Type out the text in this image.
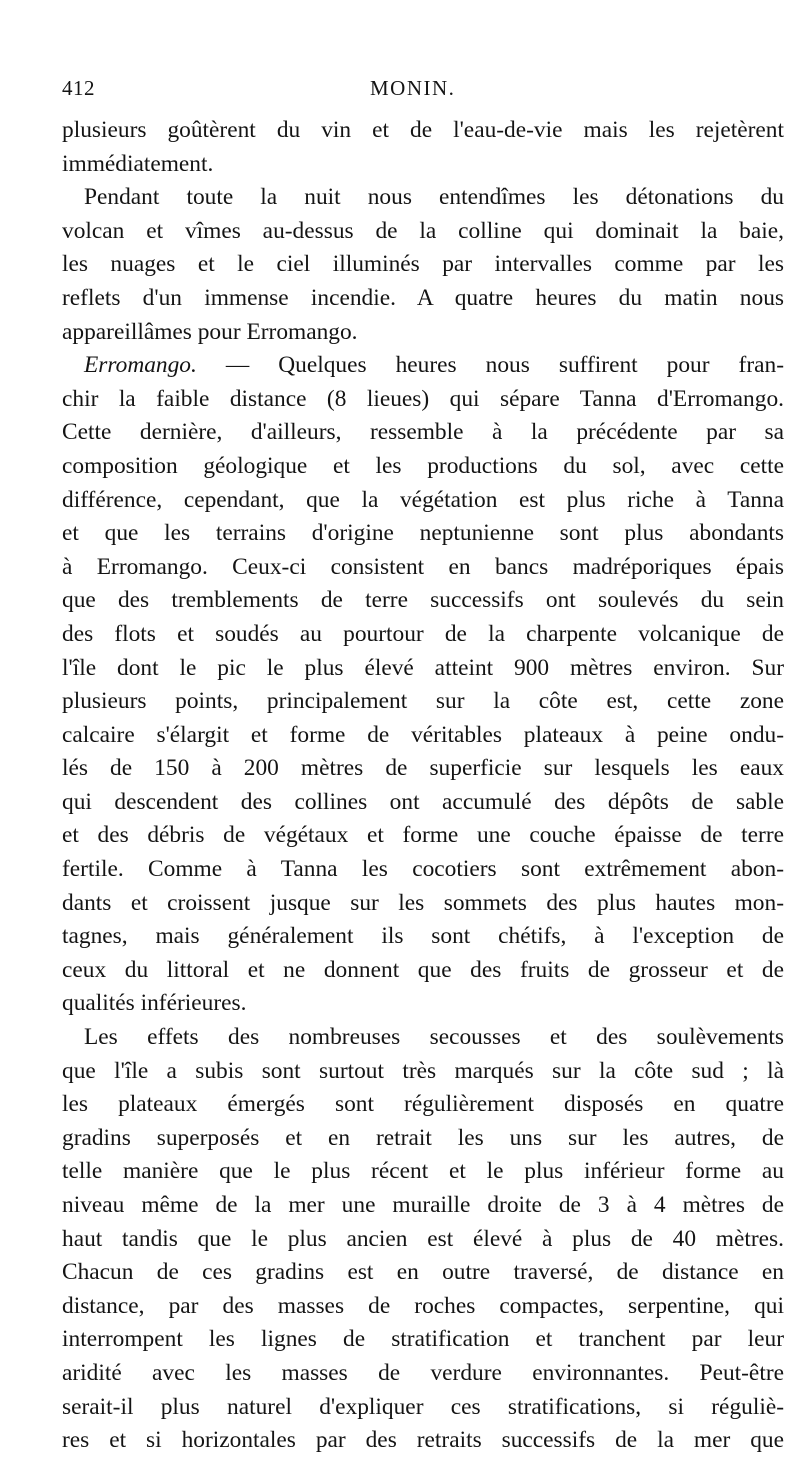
412	MONIN.
plusieurs goûtèrent du vin et de l'eau-de-vie mais les rejetèrent
immédiatement.
Pendant toute la nuit nous entendîmes les détonations du
volcan et vîmes au-dessus de la colline qui dominait la baie,
les nuages et le ciel illuminés par intervalles comme par les
reflets d'un immense incendie. A quatre heures du matin nous
appareillâmes pour Erromango.
Erromango. — Quelques heures nous suffirent pour fran-
chir la faible distance (8 lieues) qui sépare Tanna d'Erromango.
Cette dernière, d'ailleurs, ressemble à la précédente par sa
composition géologique et les productions du sol, avec cette
différence, cependant, que la végétation est plus riche à Tanna
et que les terrains d'origine neptunienne sont plus abondants
à Erromango. Ceux-ci consistent en bancs madréporiques épais
que des tremblements de terre successifs ont soulevés du sein
des flots et soudés au pourtour de la charpente volcanique de
l'île dont le pic le plus élevé atteint 900 mètres environ. Sur
plusieurs points, principalement sur la côte est, cette zone
calcaire s'élargit et forme de véritables plateaux à peine ondu-
lés de 150 à 200 mètres de superficie sur lesquels les eaux
qui descendent des collines ont accumulé des dépôts de sable
et des débris de végétaux et forme une couche épaisse de terre
fertile. Comme à Tanna les cocotiers sont extrêmement abon-
dants et croissent jusque sur les sommets des plus hautes mon-
tagnes, mais généralement ils sont chétifs, à l'exception de
ceux du littoral et ne donnent que des fruits de grosseur et de
qualités inférieures.
Les effets des nombreuses secousses et des soulèvements
que l'île a subis sont surtout très marqués sur la côte sud ; là
les plateaux émergés sont régulièrement disposés en quatre
gradins superposés et en retrait les uns sur les autres, de
telle manière que le plus récent et le plus inférieur forme au
niveau même de la mer une muraille droite de 3 à 4 mètres de
haut tandis que le plus ancien est élevé à plus de 40 mètres.
Chacun de ces gradins est en outre traversé, de distance en
distance, par des masses de roches compactes, serpentine, qui
interrompent les lignes de stratification et tranchent par leur
aridité avec les masses de verdure environnantes. Peut-être
serait-il plus naturel d'expliquer ces stratifications, si réguliè-
res et si horizontales par des retraits successifs de la mer que
